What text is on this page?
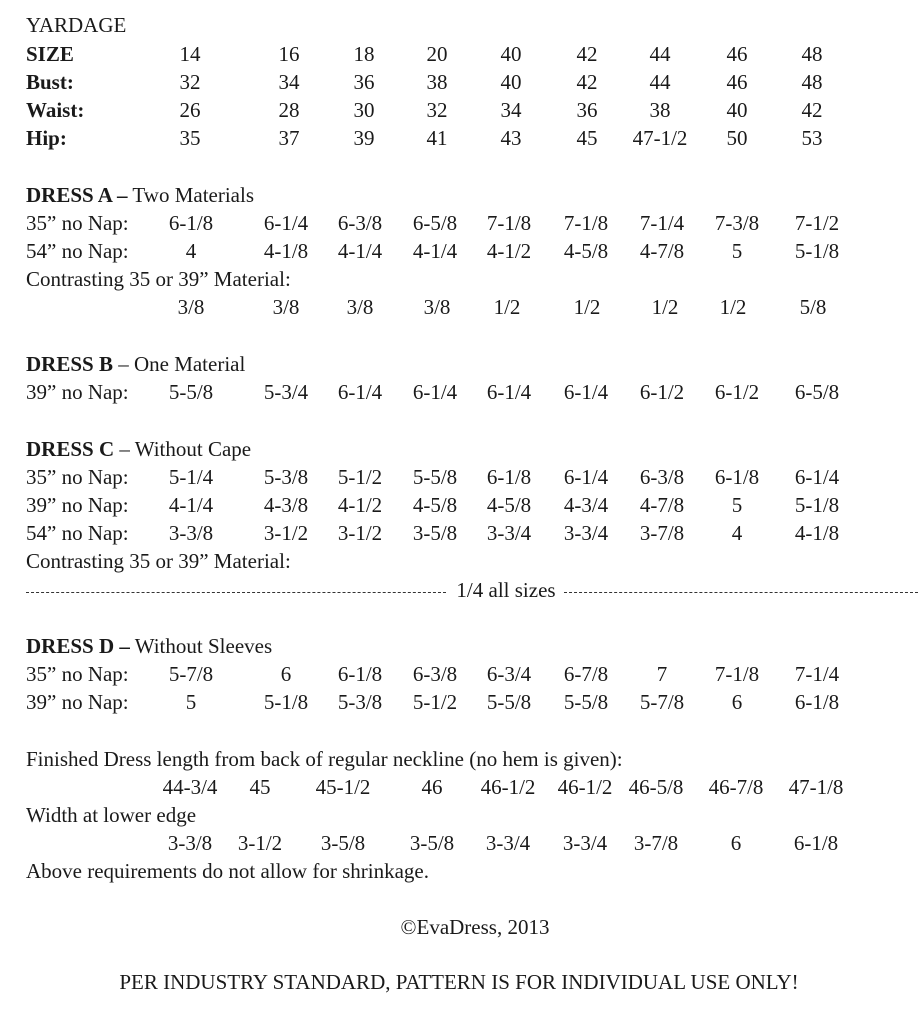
YARDAGE
SIZE	14	16	18 20	40	42 44	46	48
Bust:	32	34	36 38	40	42 44	46	48
Waist:	26	28	30 32	34	36 38	40	42
Hip:	35	37	39 41	43	45 47-1/2 50	53
DRESS A – Two Materials
35” no Nap: 6-1/8 6-1/4 6-3/8 6-5/8 7-1/8 7-1/8 7-1/4 7-3/8 7-1/2
54” no Nap:	4	4-1/8 4-1/4 4-1/4 4-1/2 4-5/8 4-7/8 5	5-1/8
Contrasting 35 or 39” Material:
3/8	3/8 3/8 3/8 1/2	1/2 1/2 1/2	5/8
DRESS B – One Material
39” no Nap: 5-5/8 5-3/4 6-1/4 6-1/4 6-1/4 6-1/4 6-1/2 6-1/2 6-5/8
DRESS C – Without Cape
35” no Nap: 5-1/4 5-3/8 5-1/2 5-5/8 6-1/8 6-1/4 6-3/8 6-1/8 6-1/4
39” no Nap: 4-1/4 4-3/8 4-1/2 4-5/8 4-5/8 4-3/4 4-7/8 5	5-1/8
54” no Nap: 3-3/8 3-1/2 3-1/2 3-5/8 3-3/4 3-3/4 3-7/8 4	4-1/8
Contrasting 35 or 39” Material:
1/4 all sizes
DRESS D – Without Sleeves
35” no Nap: 5-7/8	6 6-1/8 6-3/8 6-3/4 6-7/8 7 7-1/8 7-1/4
39” no Nap:	5	5-1/8 5-3/8 5-1/2 5-5/8 5-5/8 5-7/8 6	6-1/8
Finished Dress length from back of regular neckline (no hem is given):
44-3/4 45 45-1/2 46 46-1/2 46-1/2 46-5/8 46-7/8 47-1/8
Width at lower edge
3-3/8 3-1/2 3-5/8 3-5/8 3-3/4 3-3/4 3-7/8	6	6-1/8
Above requirements do not allow for shrinkage.
©EvaDress, 2013
PER INDUSTRY STANDARD, PATTERN IS FOR INDIVIDUAL USE ONLY!
